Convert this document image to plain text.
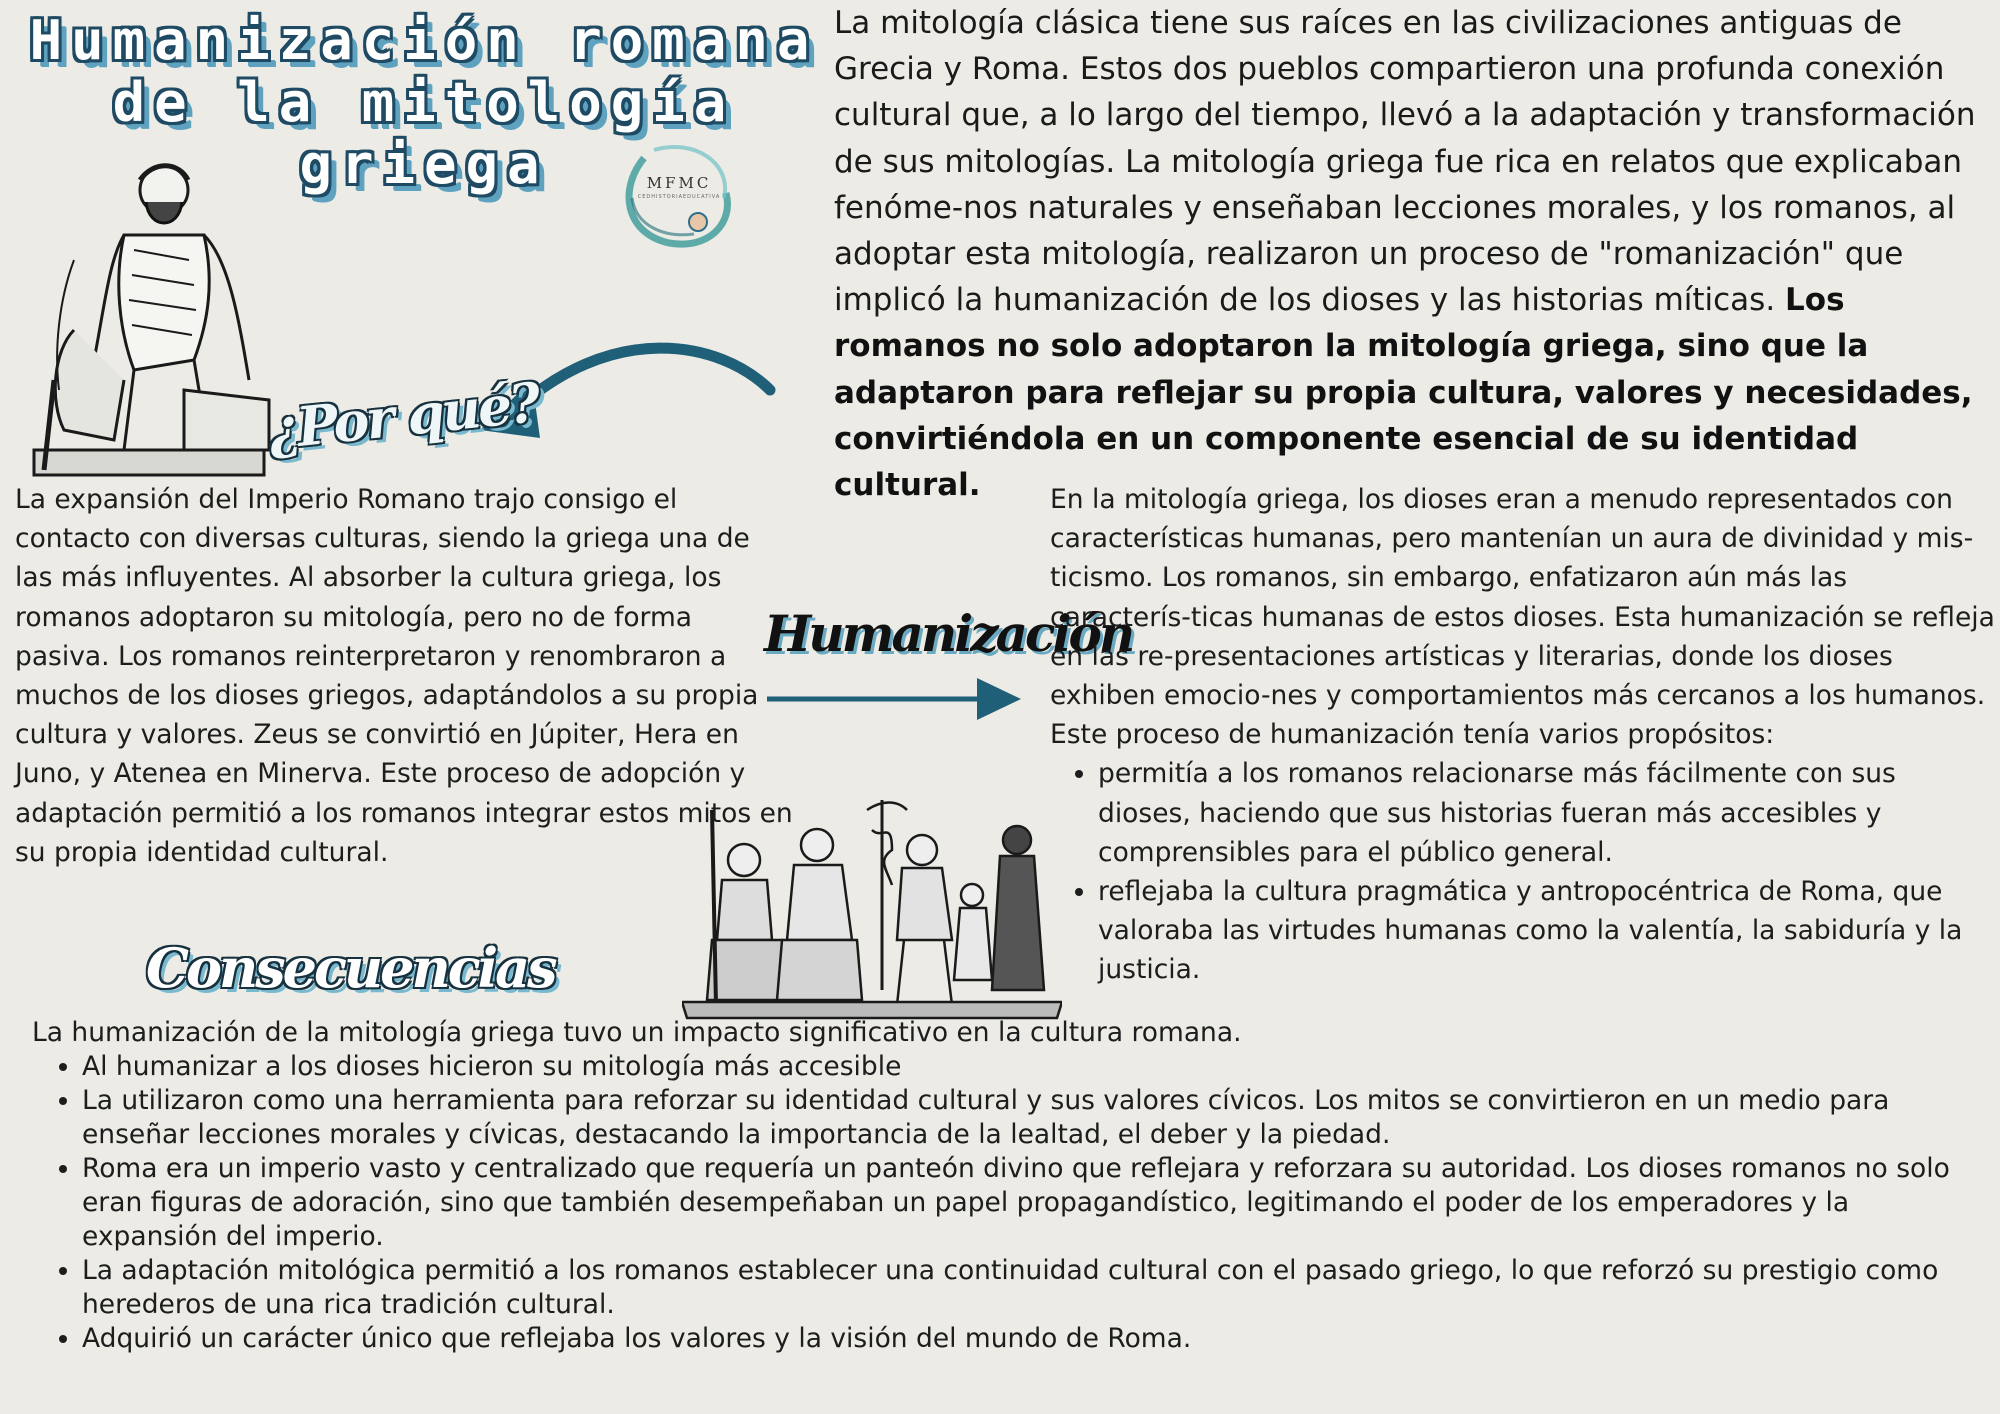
Humanización romana
de la mitología griega	MFMC
CEDHISTORIAEDUCATIVA
La mitología clásica tiene sus raíces en las civilizaciones antiguas de Grecia y Roma. Estos dos pueblos compartieron una profunda conexión cultural que, a lo largo del tiempo, llevó a la adaptación y transformación de sus mitologías. La mitología griega fue rica en relatos que explicaban fenóme-nos naturales y enseñaban lecciones morales, y los romanos, al adoptar esta mitología, realizaron un proceso de "romanización" que implicó la humanización de los dioses y las historias míticas. Los romanos no solo adoptaron la mitología griega, sino que la adaptaron para reflejar su propia cultura, valores y necesidades, convirtiéndola en un componente esencial de su identidad cultural.
¿Por qué?
La expansión del Imperio Romano trajo consigo el contacto con diversas culturas, siendo la griega una de las más influyentes. Al absorber la cultura griega, los romanos adoptaron su mitología, pero no de forma pasiva. Los romanos reinterpretaron y renombraron a muchos de los dioses griegos, adaptándolos a su propia cultura y valores. Zeus se convirtió en Júpiter, Hera en Juno, y Atenea en Minerva. Este proceso de adopción y adaptación permitió a los romanos integrar estos mitos en su propia identidad cultural.
Humanización

En la mitología griega, los dioses eran a menudo representados con características humanas, pero mantenían un aura de divinidad y mis-ticismo. Los romanos, sin embargo, enfatizaron aún más las caracterís-ticas humanas de estos dioses. Esta humanización se refleja en las re-presentaciones artísticas y literarias, donde los dioses exhiben emocio-nes y comportamientos más cercanos a los humanos.

Este proceso de humanización tenía varios propósitos:

• permitía a los romanos relacionarse más fácilmente con sus dioses, haciendo que sus historias fueran más accesibles y comprensibles para el público general.
• reflejaba la cultura pragmática y antropocéntrica de Roma, que valoraba las virtudes humanas como la valentía, la sabiduría y la justicia.
Consecuencias

La humanización de la mitología griega tuvo un impacto significativo en la cultura romana.

• Al humanizar a los dioses hicieron su mitología más accesible
• La utilizaron como una herramienta para reforzar su identidad cultural y sus valores cívicos. Los mitos se convirtieron en un medio para enseñar lecciones morales y cívicas, destacando la importancia de la lealtad, el deber y la piedad.
• Roma era un imperio vasto y centralizado que requería un panteón divino que reflejara y reforzara su autoridad. Los dioses romanos no solo eran figuras de adoración, sino que también desempeñaban un papel propagandístico, legitimando el poder de los emperadores y la expansión del imperio.
• La adaptación mitológica permitió a los romanos establecer una continuidad cultural con el pasado griego, lo que reforzó su prestigio como herederos de una rica tradición cultural.
• Adquirió un carácter único que reflejaba los valores y la visión del mundo de Roma.
